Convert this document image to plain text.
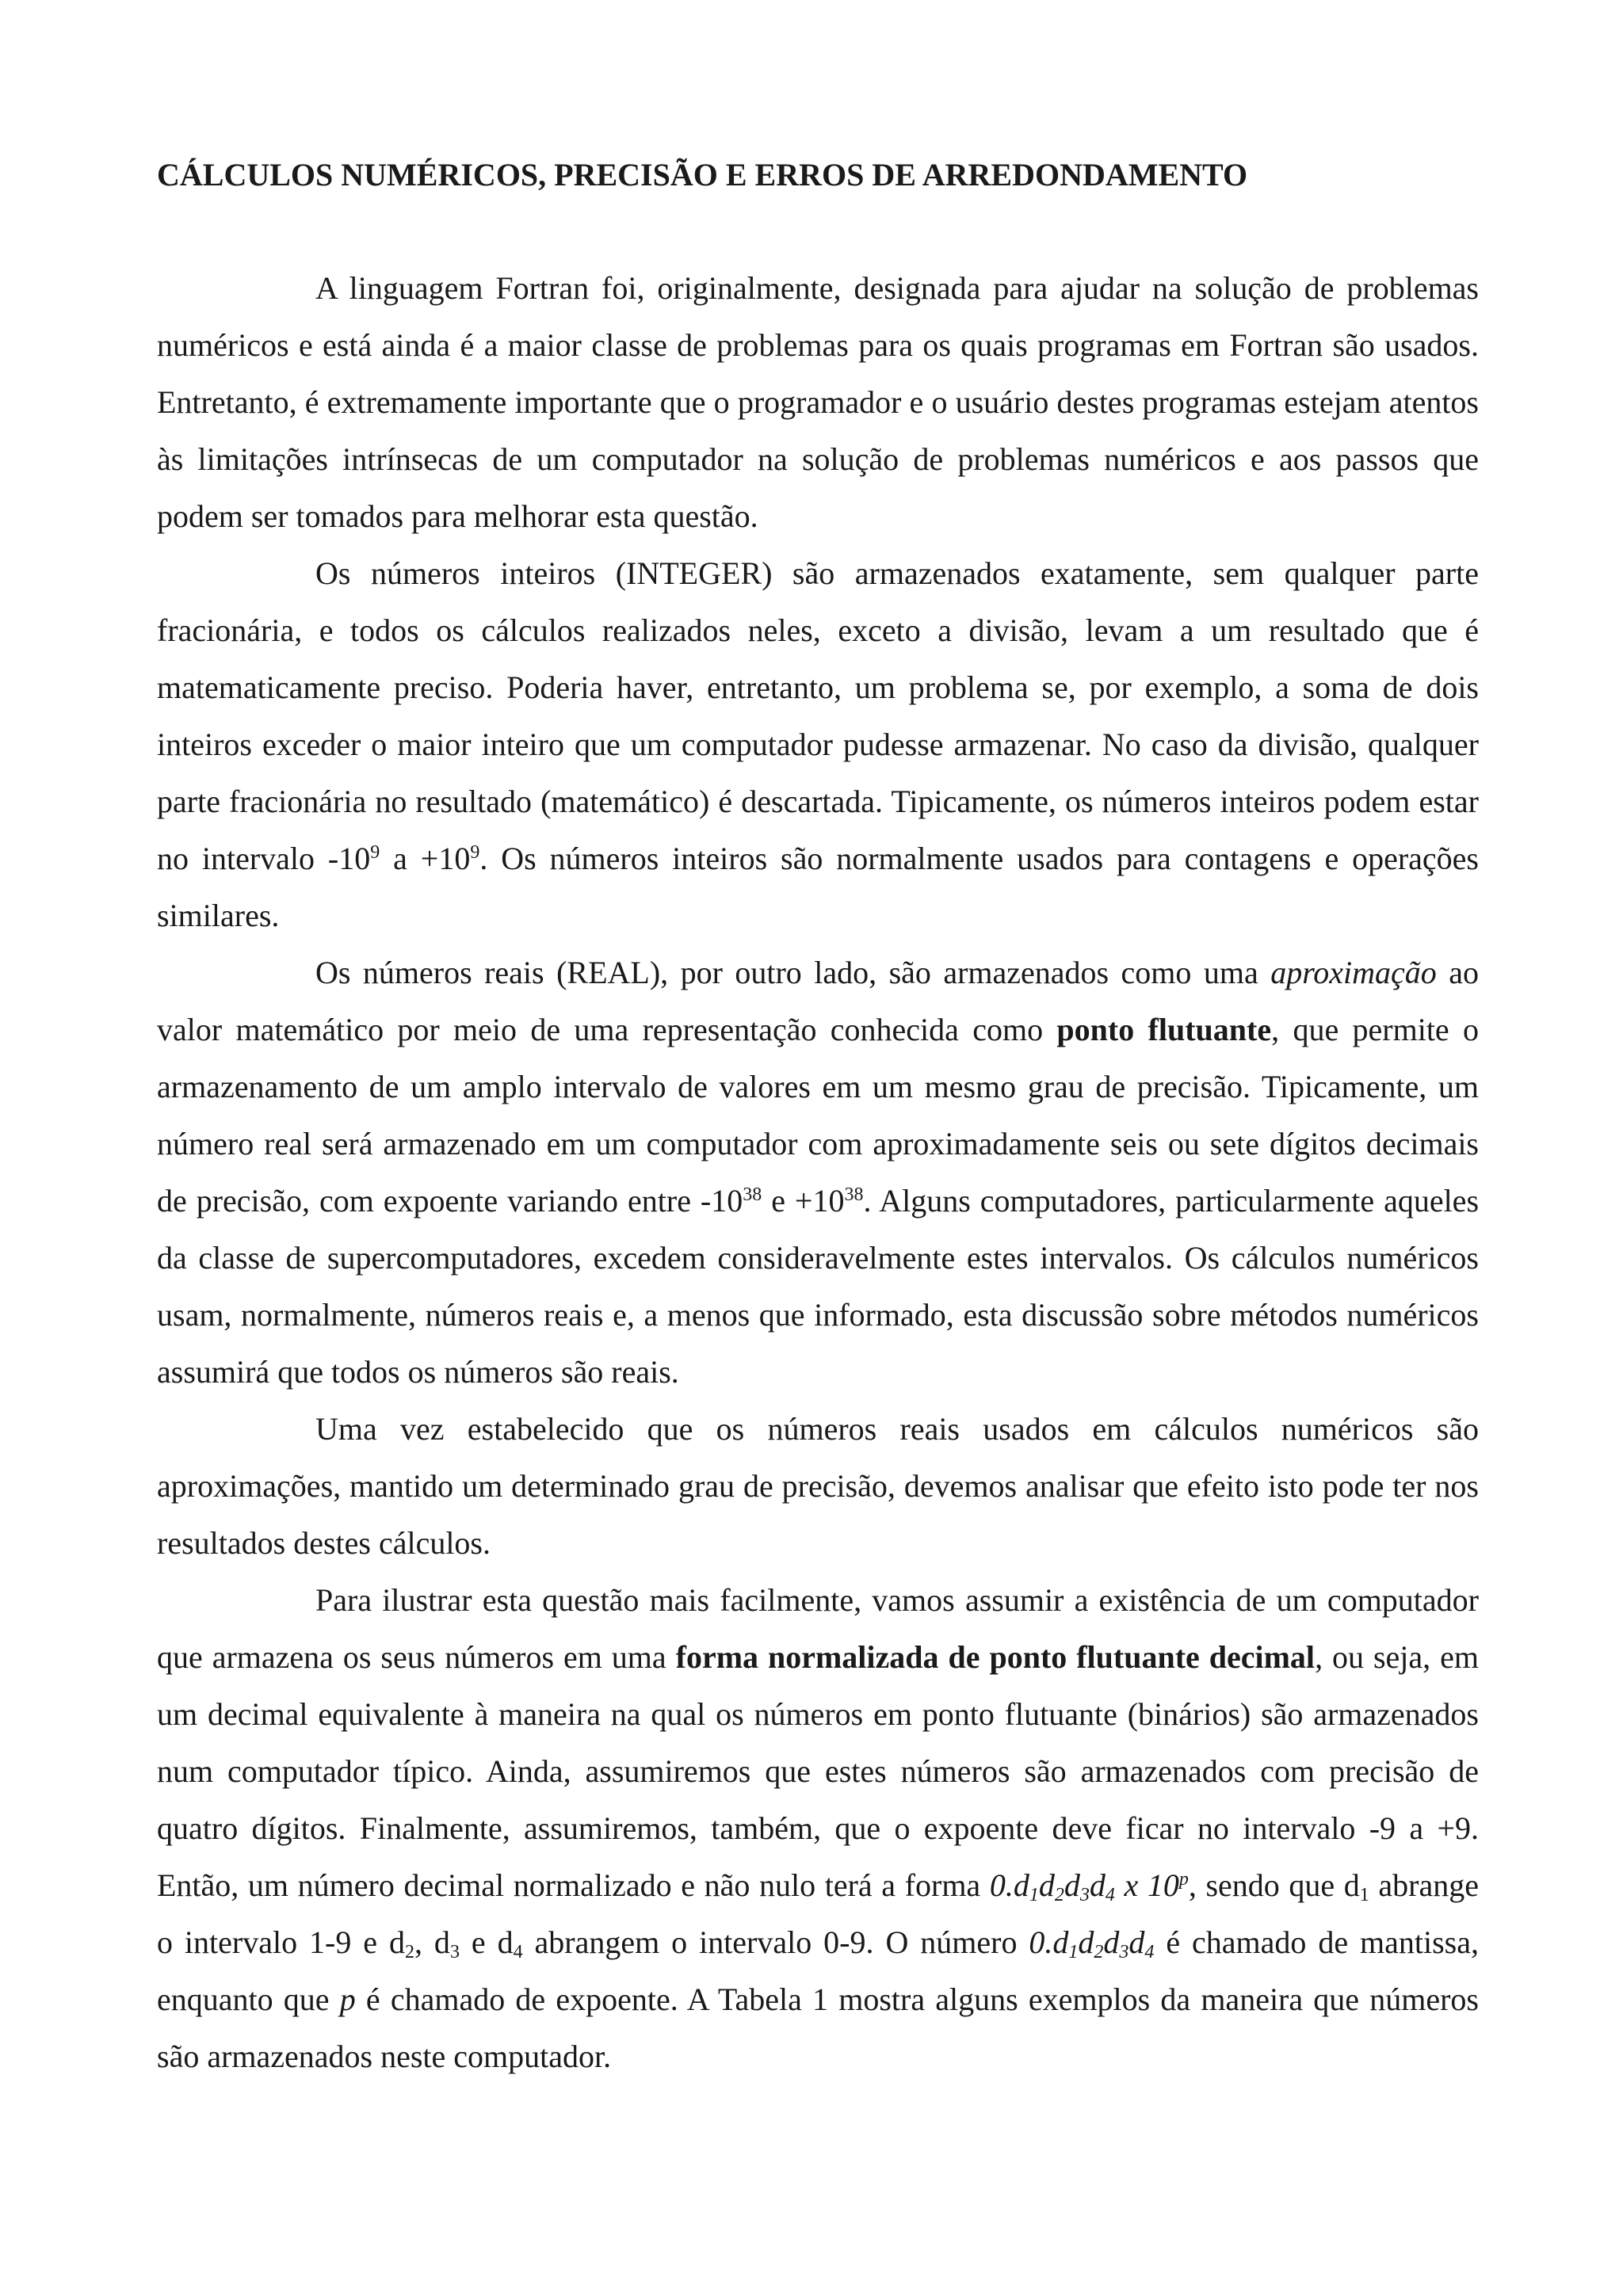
CÁLCULOS NUMÉRICOS, PRECISÃO E ERROS DE ARREDONDAMENTO

A linguagem Fortran foi, originalmente, designada para ajudar na solução de problemas numéricos e está ainda é a maior classe de problemas para os quais programas em Fortran são usados. Entretanto, é extremamente importante que o programador e o usuário destes programas estejam atentos às limitações intrínsecas de um computador na solução de problemas numéricos e aos passos que podem ser tomados para melhorar esta questão.

Os números inteiros (INTEGER) são armazenados exatamente, sem qualquer parte fracionária, e todos os cálculos realizados neles, exceto a divisão, levam a um resultado que é matematicamente preciso. Poderia haver, entretanto, um problema se, por exemplo, a soma de dois inteiros exceder o maior inteiro que um computador pudesse armazenar. No caso da divisão, qualquer parte fracionária no resultado (matemático) é descartada. Tipicamente, os números inteiros podem estar no intervalo $-10^9$ $a +10^9$. Os números inteiros são normalmente usados para contagens e operações similares.

Os números reais (REAL), por outro lado, são armazenados como uma aproximação ao valor matemático por meio de uma representação conhecida como ponto flutuante, que permite o armazenamento de um amplo intervalo de valores em um mesmo grau de precisão. Tipicamente, um número real será armazenado em um computador com aproximadamente seis ou sete dígitos decimais de precisão, com expoente variando entre $-10^{38}$ $e +10^{38}$. Alguns computadores, particularmente aqueles da classe de supercomputadores, excedem consideravelmente estes intervalos. Os cálculos numéricos usam, normalmente, números reais e, a menos que informado, esta discussão sobre métodos numéricos assumirá que todos os números são reais.

Uma vez estabelecido que os números reais usados em cálculos numéricos são aproximações, mantido um determinado grau de precisão, devemos analisar que efeito isto pode ter nos resultados destes cálculos.

Para ilustrar esta questão mais facilmente, vamos assumir a existência de um computador que armazena os seus números em uma forma normalizada de ponto flutuante decimal, ou seja, em um decimal equivalente à maneira na qual os números em ponto flutuante (binários) são armazenados num computador típico. Ainda, assumiremos que estes números são armazenados com precisão de quatro dígitos. Finalmente, assumiremos, também, que o expoente deve ficar no intervalo -9 a +9. Então, um número decimal normalizado e não nulo terá a forma $0.d_1d_2d_3d_4$ x 10$^p$, sendo que $d_1$ abrange o intervalo 1-9 e $d_2$, $d_3$ e $d_4$ abrangem o intervalo 0-9. O número $0.d_1d_2d_3d_4$ é chamado de mantissa, enquanto que p é chamado de expoente. A Tabela 1 mostra alguns exemplos da maneira que números são armazenados neste computador.
